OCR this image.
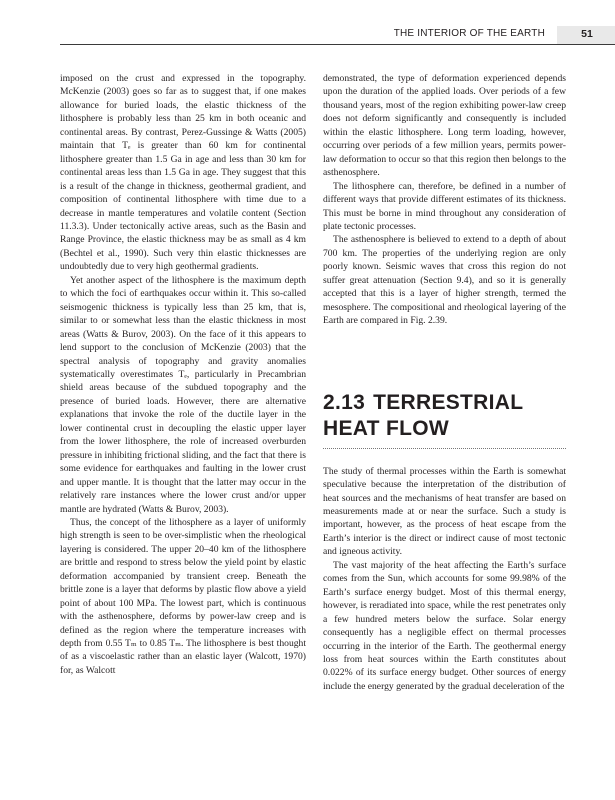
THE INTERIOR OF THE EARTH	51

imposed on the crust and expressed in the topography. McKenzie (2003) goes so far as to suggest that, if one makes allowance for buried loads, the elastic thickness of the lithosphere is probably less than 25 km in both oceanic and continental areas. By contrast, Perez-Gussinge & Watts (2005) maintain that Tₑ is greater than 60 km for continental lithosphere greater than 1.5 Ga in age and less than 30 km for continental areas less than 1.5 Ga in age. They suggest that this is a result of the change in thickness, geothermal gradient, and composition of continental lithosphere with time due to a decrease in mantle temperatures and volatile content (Section 11.3.3). Under tectonically active areas, such as the Basin and Range Province, the elastic thickness may be as small as 4 km (Bechtel et al., 1990). Such very thin elastic thicknesses are undoubtedly due to very high geothermal gradients.

Yet another aspect of the lithosphere is the maximum depth to which the foci of earthquakes occur within it. This so-called seismogenic thickness is typically less than 25 km, that is, similar to or somewhat less than the elastic thickness in most areas (Watts & Burov, 2003). On the face of it this appears to lend support to the conclusion of McKenzie (2003) that the spectral analysis of topography and gravity anomalies systematically overestimates Tₑ, particularly in Precambrian shield areas because of the subdued topography and the presence of buried loads. However, there are alternative explanations that invoke the role of the ductile layer in the lower continental crust in decoupling the elastic upper layer from the lower lithosphere, the role of increased overburden pressure in inhibiting frictional sliding, and the fact that there is some evidence for earthquakes and faulting in the lower crust and upper mantle. It is thought that the latter may occur in the relatively rare instances where the lower crust and/or upper mantle are hydrated (Watts & Burov, 2003).

Thus, the concept of the lithosphere as a layer of uniformly high strength is seen to be over-simplistic when the rheological layering is considered. The upper 20–40 km of the lithosphere are brittle and respond to stress below the yield point by elastic deformation accompanied by transient creep. Beneath the brittle zone is a layer that deforms by plastic flow above a yield point of about 100 MPa. The lowest part, which is continuous with the asthenosphere, deforms by power-law creep and is defined as the region where the temperature increases with depth from 0.55 Tₘ to 0.85 Tₘ. The lithosphere is best thought of as a viscoelastic rather than an elastic layer (Walcott, 1970) for, as Walcott

demonstrated, the type of deformation experienced depends upon the duration of the applied loads. Over periods of a few thousand years, most of the region exhibiting power-law creep does not deform significantly and consequently is included within the elastic lithosphere. Long term loading, however, occurring over periods of a few million years, permits power-law deformation to occur so that this region then belongs to the asthenosphere.

The lithosphere can, therefore, be defined in a number of different ways that provide different estimates of its thickness. This must be borne in mind throughout any consideration of plate tectonic processes.

The asthenosphere is believed to extend to a depth of about 700 km. The properties of the underlying region are only poorly known. Seismic waves that cross this region do not suffer great attenuation (Section 9.4), and so it is generally accepted that this is a layer of higher strength, termed the mesosphere. The compositional and rheological layering of the Earth are compared in Fig. 2.39.

2.13 TERRESTRIAL
HEAT FLOW

The study of thermal processes within the Earth is somewhat speculative because the interpretation of the distribution of heat sources and the mechanisms of heat transfer are based on measurements made at or near the surface. Such a study is important, however, as the process of heat escape from the Earth’s interior is the direct or indirect cause of most tectonic and igneous activity.

The vast majority of the heat affecting the Earth’s surface comes from the Sun, which accounts for some 99.98% of the Earth’s surface energy budget. Most of this thermal energy, however, is reradiated into space, while the rest penetrates only a few hundred meters below the surface. Solar energy consequently has a negligible effect on thermal processes occurring in the interior of the Earth. The geothermal energy loss from heat sources within the Earth constitutes about 0.022% of its surface energy budget. Other sources of energy include the energy generated by the gradual deceleration of the
